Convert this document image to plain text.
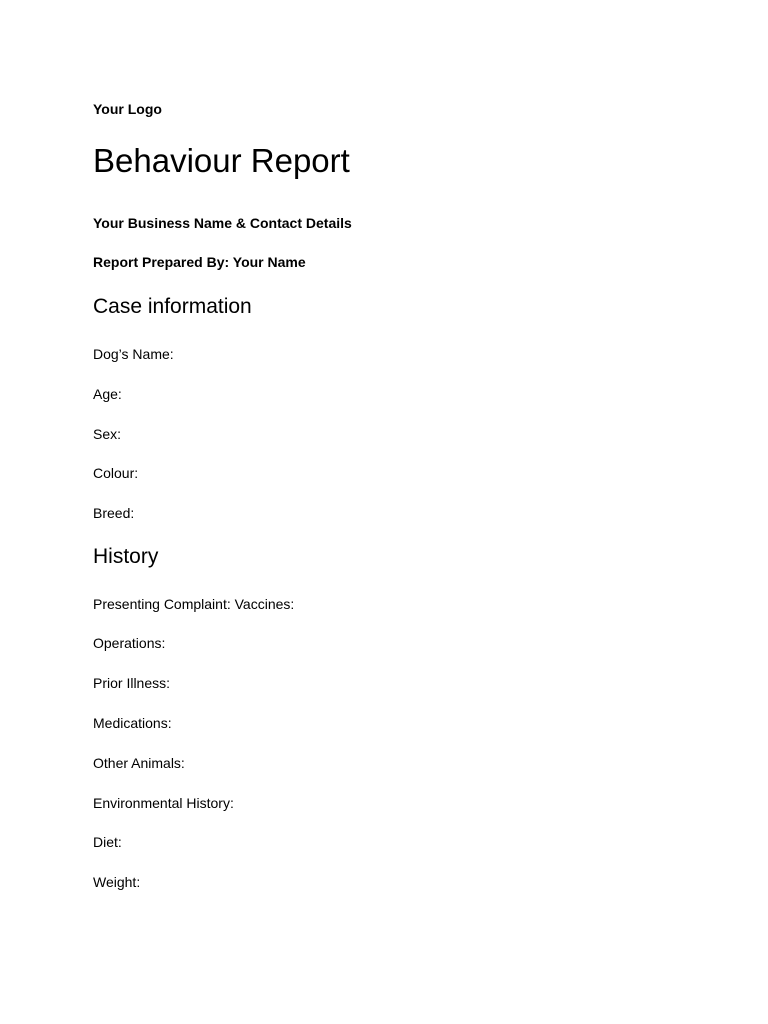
Your Logo

Behaviour Report

Your Business Name & Contact Details

Report Prepared By: Your Name

Case information

Dog’s Name:

Age:

Sex:

Colour:

Breed:

History

Presenting Complaint: Vaccines:

Operations:

Prior Illness:

Medications:

Other Animals:

Environmental History:

Diet:

Weight:
